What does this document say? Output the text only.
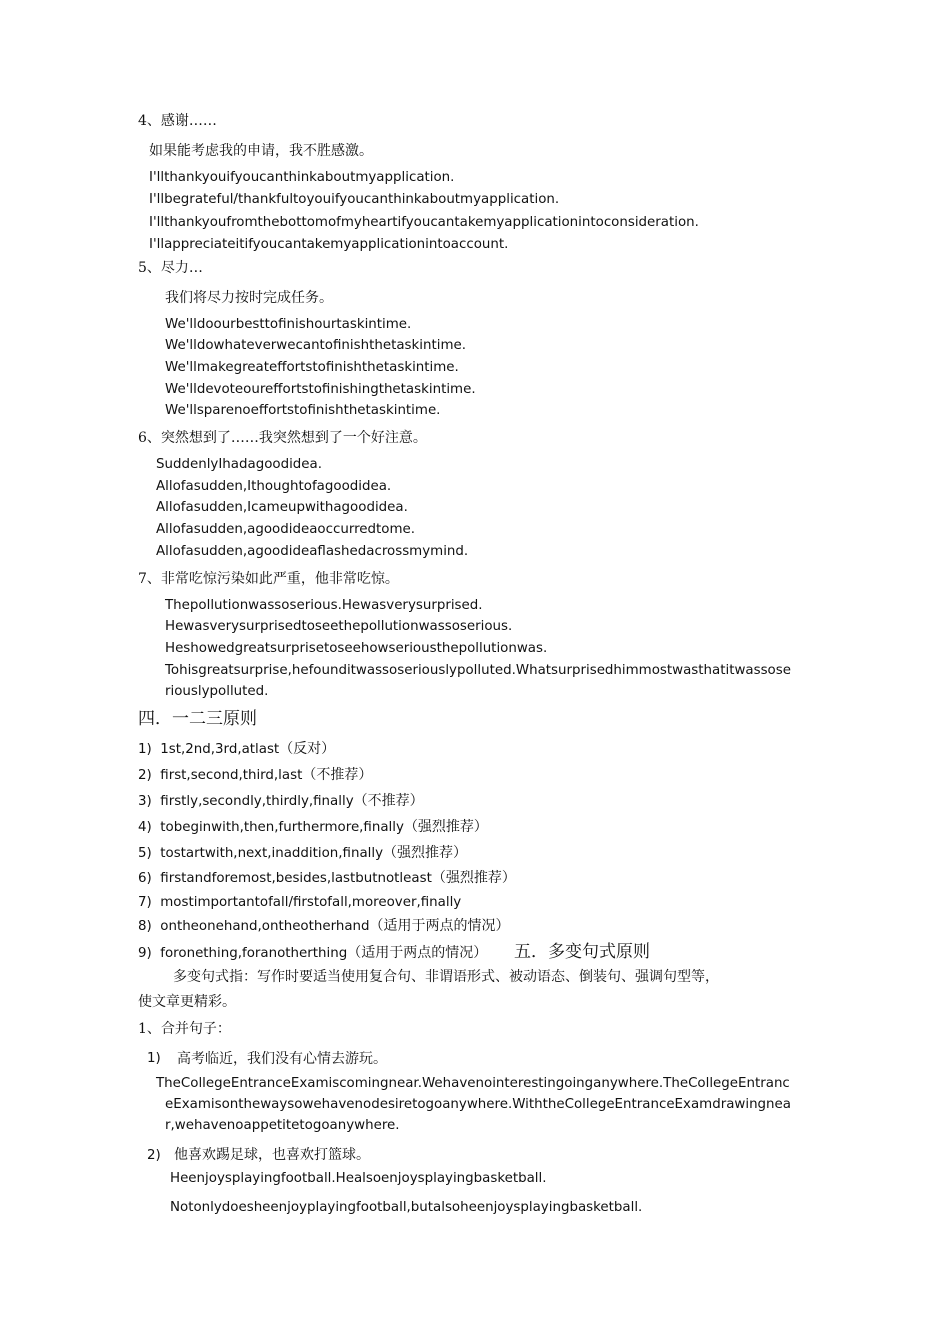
4、感谢……
如果能考虑我的申请，我不胜感激。
I'llthankyouifyoucanthinkaboutmyapplication.
I'llbegrateful/thankfultoyouifyoucanthinkaboutmyapplication.
I'llthankyoufromthebottomofmyheartifyoucantakemyapplicationintoconsideration.
I'llappreciateitifyoucantakemyapplicationintoaccount.
5、尽力…
我们将尽力按时完成任务。
We'lldoourbesttofinishourtaskintime.
We'lldowhateverwecantofinishthetaskintime.
We'llmakegreateffortstofinishthetaskintime.
We'lldevoteoureffortstofinishingthetaskintime.
We'llsparenoeffortstofinishthetaskintime.
6、突然想到了……我突然想到了一个好注意。
SuddenlyIhadagoodidea.
Allofasudden,Ithoughtofagoodidea.
Allofasudden,Icameupwithagoodidea.
Allofasudden,agoodideaoccurredtome.
Allofasudden,agoodideaflashedacrossmymind.
7、非常吃惊污染如此严重，他非常吃惊。
Thepollutionwassoserious.Hewasverysurprised.
Hewasverysurprisedtoseethepollutionwassoserious.
Heshowedgreatsurprisetoseehowseriousthepollutionwas.
Tohisgreatsurprise,hefounditwassoseriouslypolluted.Whatsurprisedhimmostwasthatitwassose
riouslypolluted.
四．一二三原则
1) 1st,2nd,3rd,atlast（反对）
2) first,second,third,last（不推荐）
3) firstly,secondly,thirdly,finally（不推荐）
4) tobeginwith,then,furthermore,finally（强烈推荐）
5) tostartwith,next,inaddition,finally（强烈推荐）
6) firstandforemost,besides,lastbutnotleast（强烈推荐）
7) mostimportantofall/firstofall,moreover,finally
8) ontheonehand,ontheotherhand（适用于两点的情况）
9) foronething,foranotherthing（适用于两点的情况） 五．多变句式原则
多变句式指：写作时要适当使用复合句、非谓语形式、被动语态、倒装句、强调句型等，
使文章更精彩。
1、合并句子：
1) 高考临近，我们没有心情去游玩。
TheCollegeEntranceExamiscomingnear.Wehavenointerestingoinganywhere.TheCollegeEntranc
eExamisonthewaysowehavenodesiretogoanywhere.WiththeCollegeEntranceExamdrawingnea
r,wehavenoappetitetogoanywhere.
2) 他喜欢踢足球，也喜欢打篮球。
Heenjoysplayingfootball.Healsoenjoysplayingbasketball.
Notonlydoesheenjoyplayingfootball,butalsoheenjoysplayingbasketball.
